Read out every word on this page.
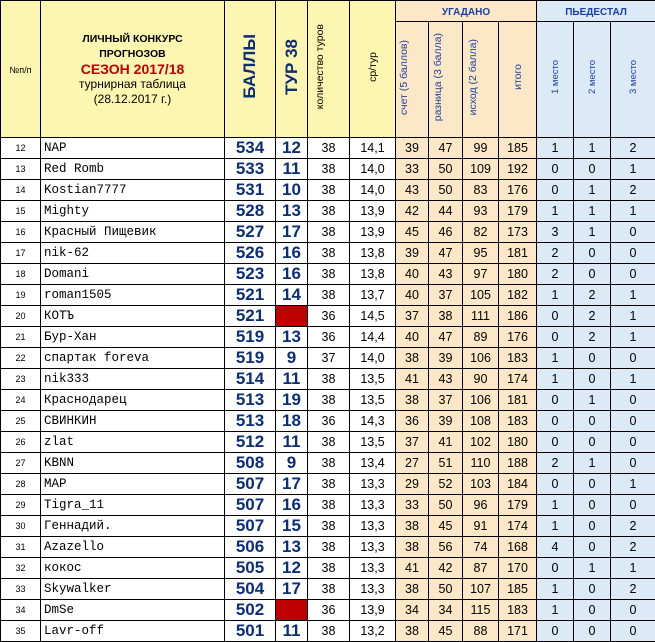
№п/п	ЛИЧНЫЙ КОНКУРС
ПРОГНОЗОВ
СЕЗОН 2017/18
турнирная таблица
(28.12.2017 г.)	БАЛЛЫ	ТУР 38	количество туров	ср/тур	УГАДАНО				ПЬЕДЕСТАЛ		
						счет (5 баллов)	разница (3 балла)	исход (2 балла)	итого	1 место	2 место	3 место
12	NAP	534	12	38	14,1	39	47	99	185	1	1	2
13	Red Romb	533	11	38	14,0	33	50	109	192	0	0	1
14	Kostian7777	531	10	38	14,0	43	50	83	176	0	1	2
15	Mighty	528	13	38	13,9	42	44	93	179	1	1	1
16	Красный Пищевик	527	17	38	13,9	45	46	82	173	3	1	0
17	nik-62	526	16	38	13,8	39	47	95	181	2	0	0
18	Domani	523	16	38	13,8	40	43	97	180	2	0	0
19	roman1505	521	14	38	13,7	40	37	105	182	1	2	1
20	КОТЪ	521		36	14,5	37	38	111	186	0	2	1
21	Бур-Хан	519	13	36	14,4	40	47	89	176	0	2	1
22	спартак foreva	519	9	37	14,0	38	39	106	183	1	0	0
23	nik333	514	11	38	13,5	41	43	90	174	1	0	1
24	Краснодарец	513	19	38	13,5	38	37	106	181	0	1	0
25	СВИНКИН	513	18	36	14,3	36	39	108	183	0	0	0
26	zlat	512	11	38	13,5	37	41	102	180	0	0	0
27	KBNN	508	9	38	13,4	27	51	110	188	2	1	0
28	MAP	507	17	38	13,3	29	52	103	184	0	0	1
29	Tigra_11	507	16	38	13,3	33	50	96	179	1	0	0
30	Геннадий.	507	15	38	13,3	38	45	91	174	1	0	2
31	Azazello	506	13	38	13,3	38	56	74	168	4	0	2
32	кокос	505	12	38	13,3	41	42	87	170	0	1	1
33	Skywalker	504	17	38	13,3	38	50	107	185	1	0	2
34	DmSe	502		36	13,9	34	34	115	183	1	0	0
35	Lavr-off	501	11	38	13,2	38	45	88	171	0	0	0
